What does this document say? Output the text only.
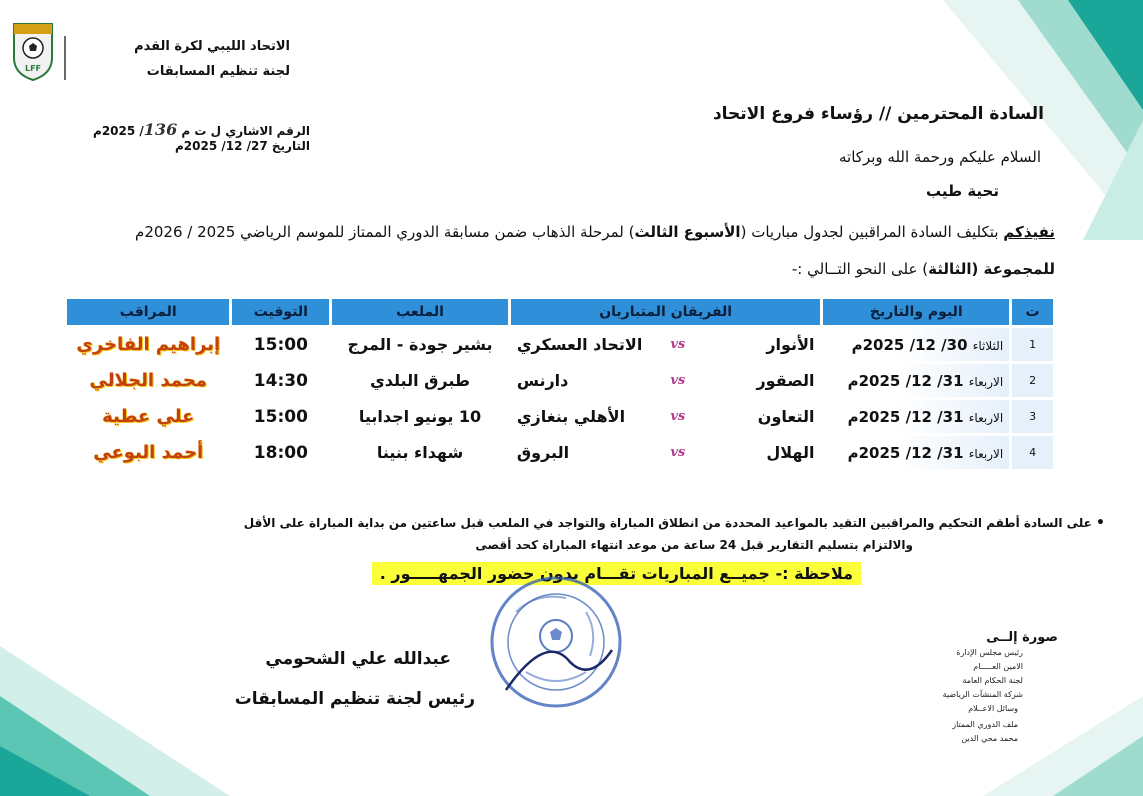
LFF
الاتحاد الليبي لكرة القدم
لجنة تنظيم المسابقات
الرقم الاشاري ل ت م 136/ 2025م
التاريخ 27/ 12/ 2025م
السادة المحترمين // رؤساء فروع الاتحاد
السلام عليكم ورحمة الله وبركاته
تحية طيب
نفيذكم بتكليف السادة المراقبين لجدول مباريات (الأسبوع الثالث) لمرحلة الذهاب ضمن مسابقة الدوري الممتاز للموسم الرياضي 2025 / 2026م
للمجموعة (الثالثة) على النحو التــالي :-
ت	اليوم والتاريخ	الفريقان المتباريان			الملعب	التوقيت	المراقب
1	الثلاثاء 30/ 12/ 2025م	الأنوار	vs	الاتحاد العسكري	بشير جودة - المرج	15:00	إبراهيم الفاخري
2	الاربعاء 31/ 12/ 2025م	الصقور	vs	دارنس	طبرق البلدي	14:30	محمد الجلالي
3	الاربعاء 31/ 12/ 2025م	التعاون	vs	الأهلي بنغازي	10 يونيو اجدابيا	15:00	علي عطية
4	الاربعاء 31/ 12/ 2025م	الهلال	vs	البروق	شهداء بنينا	18:00	أحمد البوعي
• على السادة أطقم التحكيم والمراقبين التقيد بالمواعيد المحددة من انطلاق المباراة والتواجد في الملعب قبل ساعتين من بداية المباراة على الأقل
والالتزام بتسليم التقارير قبل 24 ساعة من موعد انتهاء المباراة كحد أقصى
ملاحظة :- جميــع المباريات تقـــام بدون حضور الجمهـــــور .
عبدالله علي الشحومي
رئيس لجنة تنظيم المسابقات
صورة إلــى
رئيس مجلس الإدارة
الامين العـــــام
لجنة الحكام العامة
شركة المنشآت الرياضية
وسائل الاعــلام
ملف الدوري الممتاز
محمد محي الدين
